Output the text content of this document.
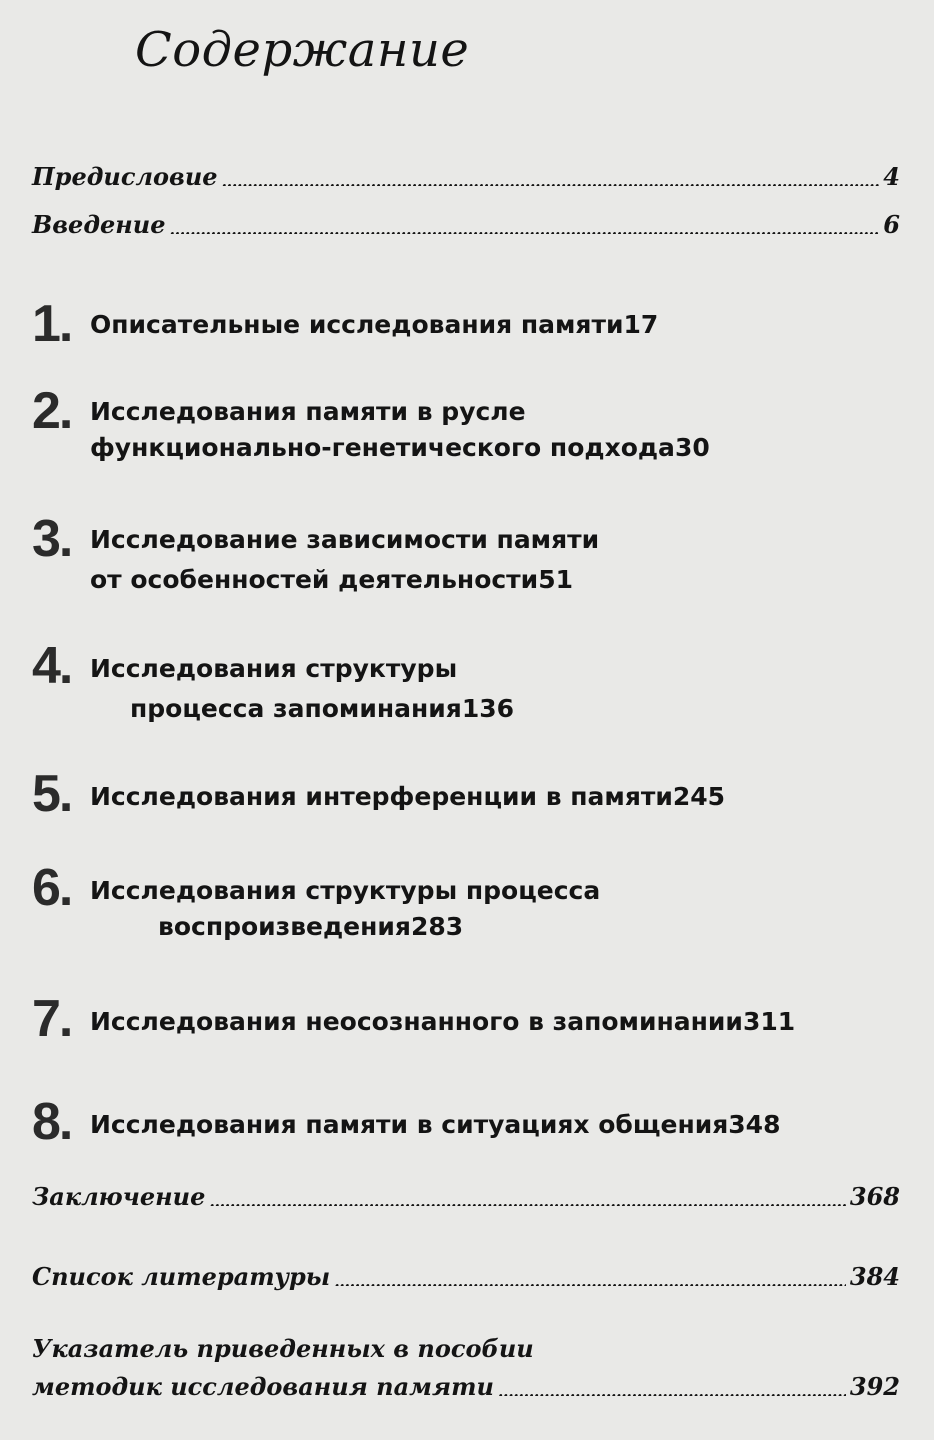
Содержание
Предисловие . . .	4
Введение . . .	6
1. Описательные исследования памяти 17
2. Исследования памяти в русле
функционально-генетического подхода 30
3. Исследование зависимости памяти
от особенностей деятельности 51
4. Исследования структуры
процесса запоминания 136
5. Исследования интерференции в памяти 245
6. Исследования структуры процесса
воспроизведения 283
7. Исследования неосознанного в запоминании 311
8. Исследования памяти в ситуациях общения 348
Заключение . . .	368
Список литературы . . .	384
Указатель приведенных в пособии
методик исследования памяти . . .	392
